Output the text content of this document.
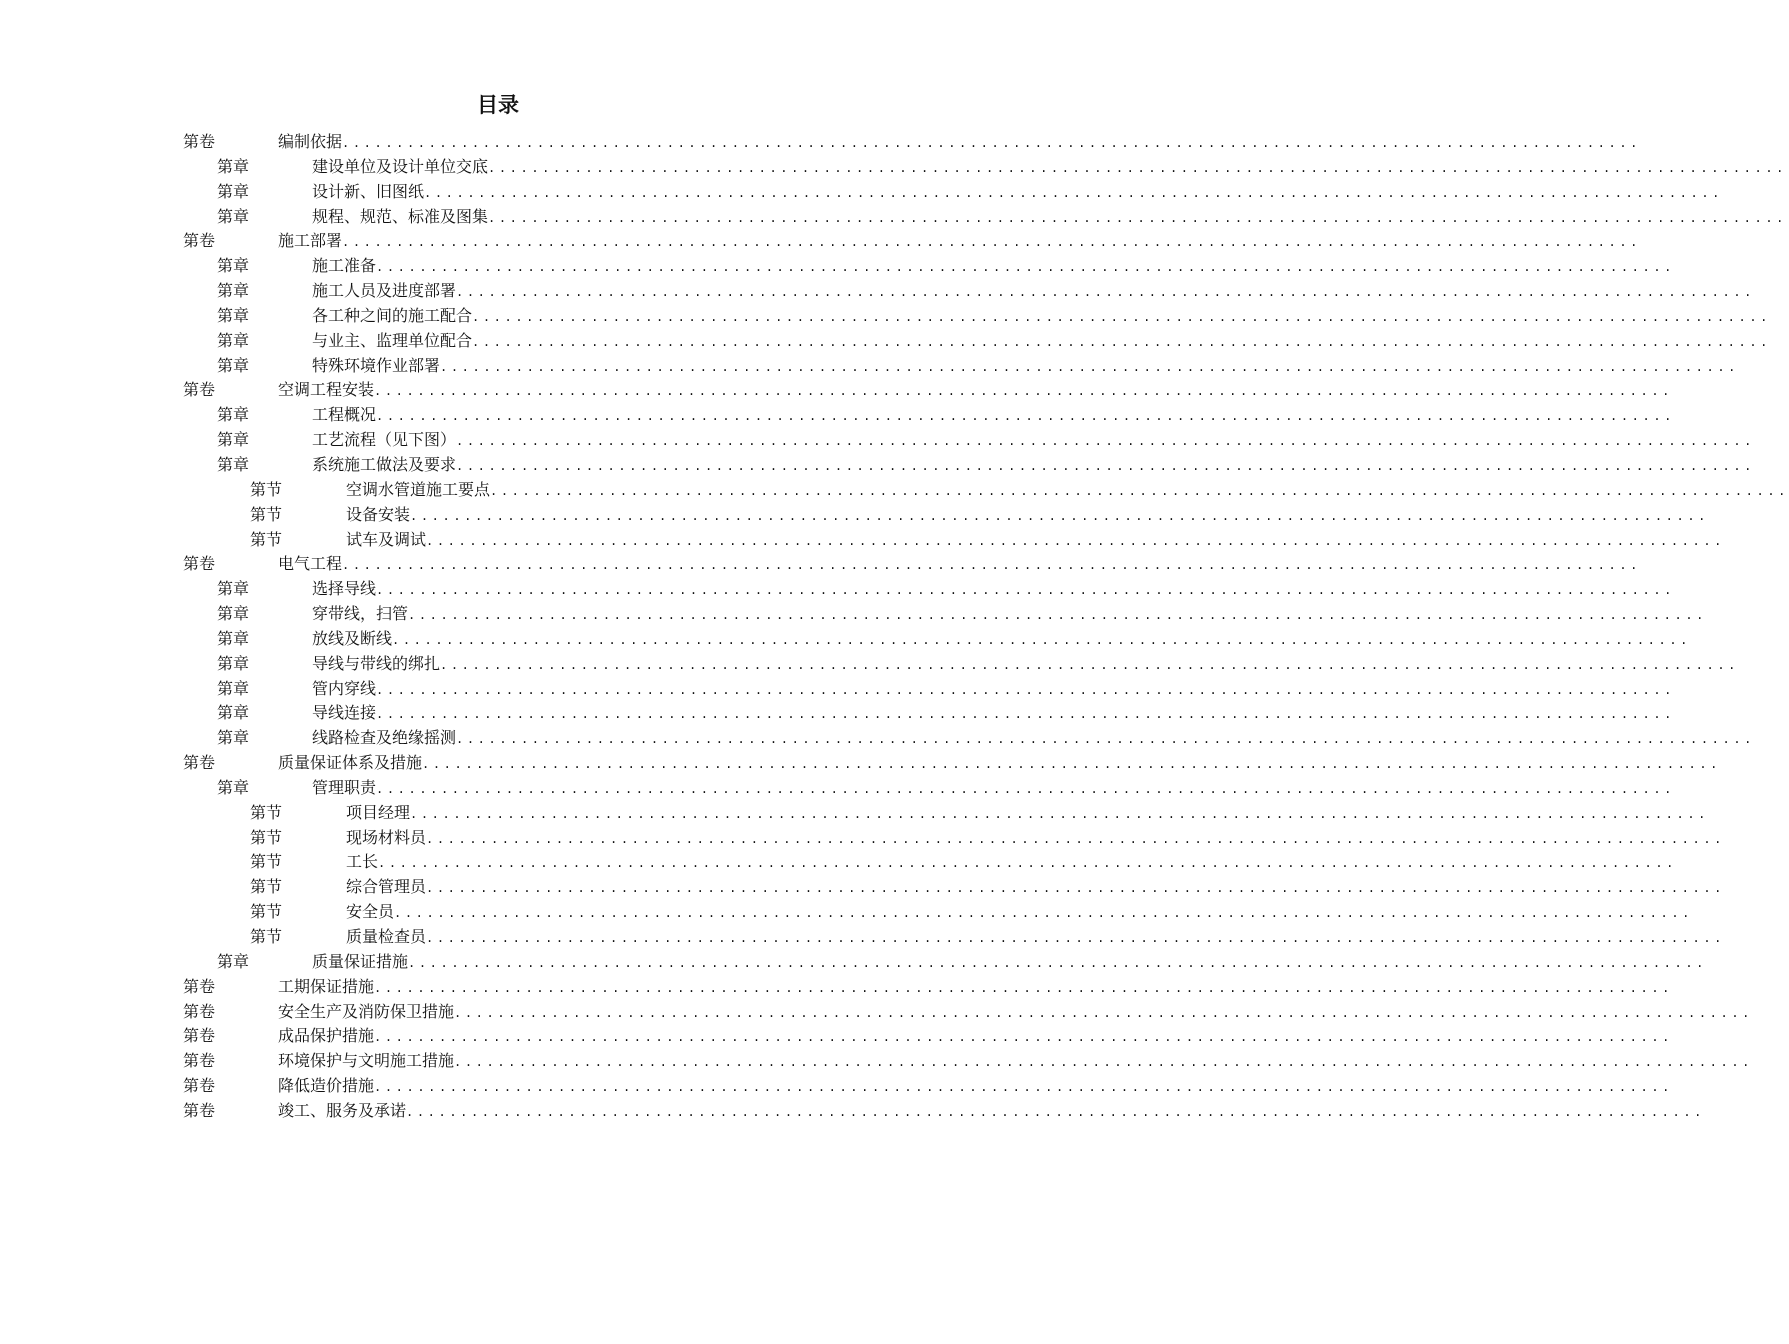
目录
第卷	编制依据 ........................................................................................................................
第章	建设单位及设计单位交底 ........................................................................................................................
第章	设计新、旧图纸 ........................................................................................................................
第章	规程、规范、标准及图集 ........................................................................................................................
第卷	施工部署 ........................................................................................................................
第章	施工准备 ........................................................................................................................
第章	施工人员及进度部署 ........................................................................................................................
第章	各工种之间的施工配合 ........................................................................................................................
第章	与业主、监理单位配合 ........................................................................................................................
第章	特殊环境作业部署 ........................................................................................................................
第卷	空调工程安装 ........................................................................................................................
第章	工程概况 ........................................................................................................................
第章	工艺流程（见下图） ........................................................................................................................
第章	系统施工做法及要求 ........................................................................................................................
第节	空调水管道施工要点 ........................................................................................................................
第节	设备安装 ........................................................................................................................
第节	试车及调试 ........................................................................................................................
第卷	电气工程 ........................................................................................................................
第章	选择导线 ........................................................................................................................
第章	穿带线，扫管 ........................................................................................................................
第章	放线及断线 ........................................................................................................................
第章	导线与带线的绑扎 ........................................................................................................................
第章	管内穿线 ........................................................................................................................
第章	导线连接 ........................................................................................................................
第章	线路检查及绝缘摇测 ........................................................................................................................
第卷	质量保证体系及措施 ........................................................................................................................
第章	管理职责 ........................................................................................................................
第节	项目经理 ........................................................................................................................
第节	现场材料员 ........................................................................................................................
第节	工长 ........................................................................................................................
第节	综合管理员 ........................................................................................................................
第节	安全员 ........................................................................................................................
第节	质量检查员 ........................................................................................................................
第章	质量保证措施 ........................................................................................................................
第卷	工期保证措施 ........................................................................................................................
第卷	安全生产及消防保卫措施 ........................................................................................................................
第卷	成品保护措施 ........................................................................................................................
第卷	环境保护与文明施工措施 ........................................................................................................................
第卷	降低造价措施 ........................................................................................................................
第卷	竣工、服务及承诺 ........................................................................................................................
